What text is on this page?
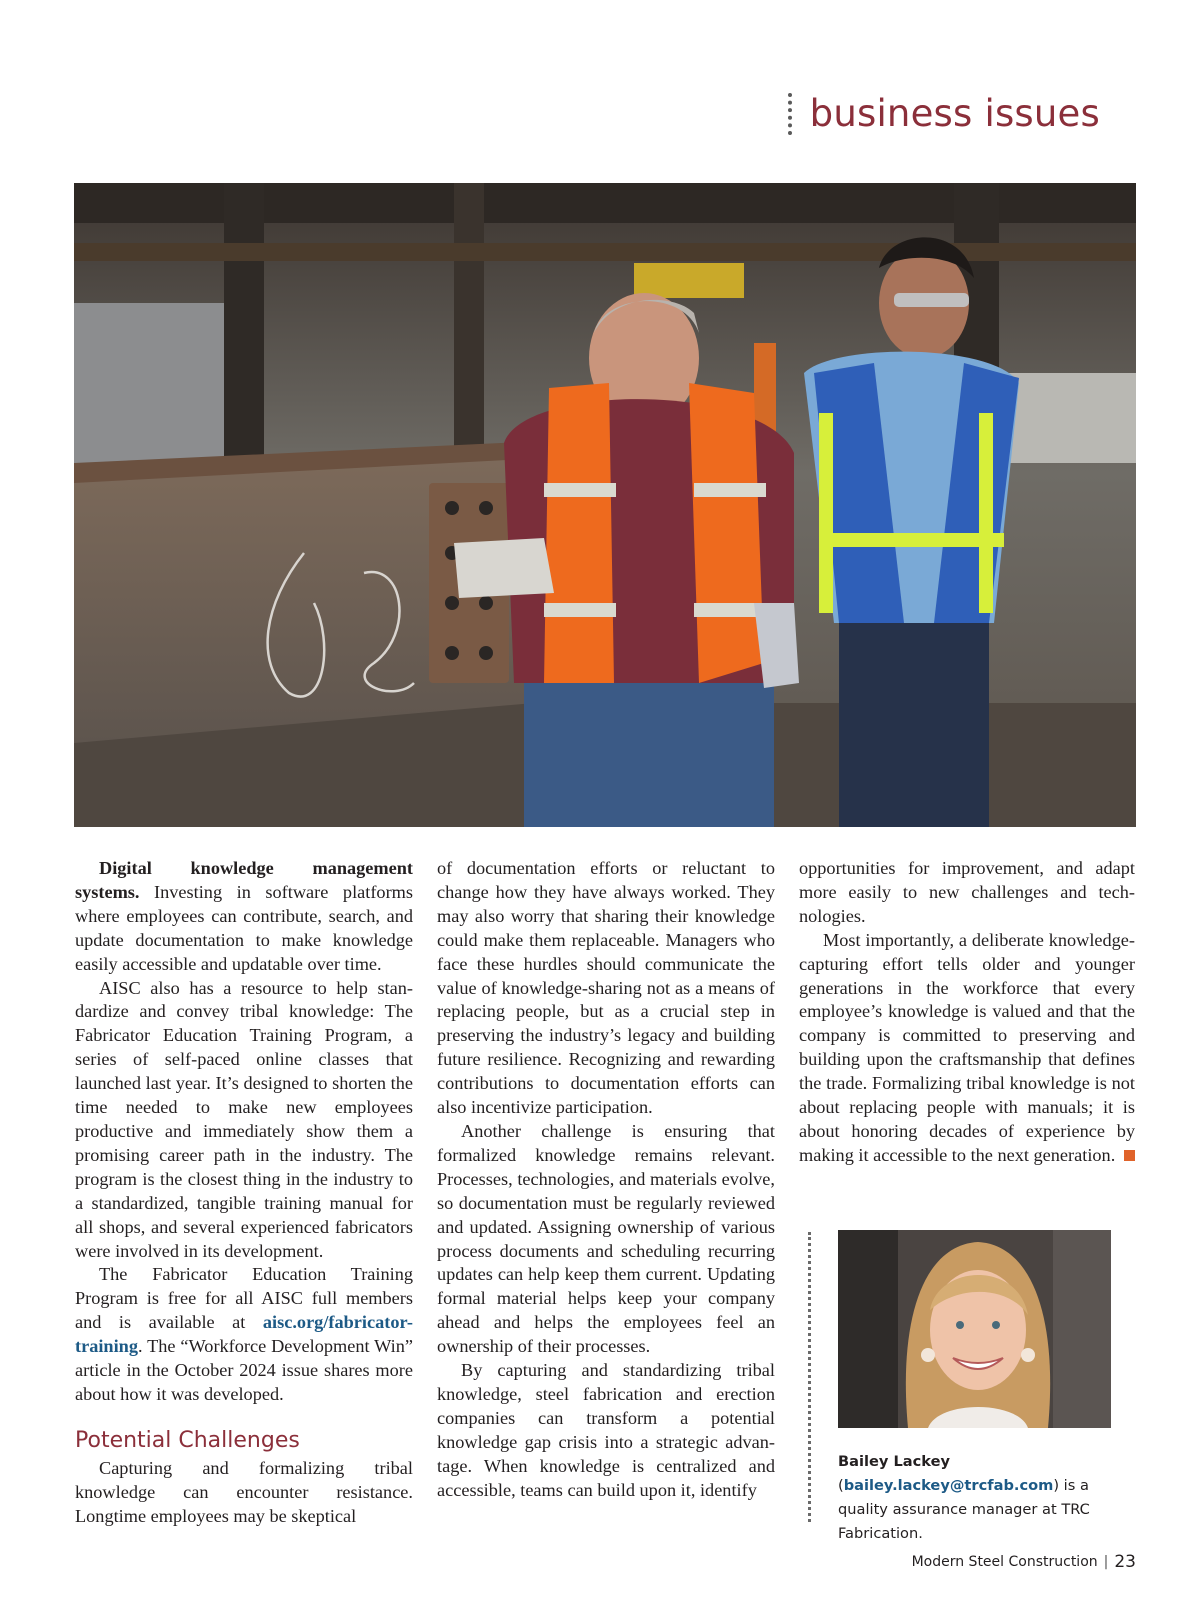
business issues

Digital knowledge management systems. Investing in software platforms where employees can contribute, search, and update documentation to make knowledge easily accessible and updatable over time.

AISC also has a resource to help standardize and convey tribal knowledge: The Fabricator Education Training Program, a series of self-paced online classes that launched last year. It’s designed to shorten the time needed to make new employees productive and immediately show them a promising career path in the industry. The program is the closest thing in the industry to a standardized, tangible training manual for all shops, and several experienced fabricators were involved in its development.

The Fabricator Education Training Program is free for all AISC full members and is available at aisc.org/fabricator-training. The “Workforce Development Win” article in the October 2024 issue shares more about how it was developed.

Potential Challenges

Capturing and formalizing tribal knowledge can encounter resistance. Longtime employees may be skeptical

of documentation efforts or reluctant to change how they have always worked. They may also worry that sharing their knowledge could make them replaceable. Managers who face these hurdles should communicate the value of knowledge-sharing not as a means of replacing people, but as a crucial step in preserving the industry’s legacy and building future resilience. Recognizing and rewarding contributions to documentation efforts can also incentivize participation.

Another challenge is ensuring that formalized knowledge remains relevant. Processes, technologies, and materials evolve, so documentation must be regularly reviewed and updated. Assigning ownership of various process documents and scheduling recurring updates can help keep them current. Updating formal material helps keep your company ahead and helps the employees feel an ownership of their processes.

By capturing and standardizing tribal knowledge, steel fabrication and erection companies can transform a potential knowledge gap crisis into a strategic advantage. When knowledge is centralized and accessible, teams can build upon it, identify

opportunities for improvement, and adapt more easily to new challenges and technologies.

Most importantly, a deliberate knowledge-capturing effort tells older and younger generations in the workforce that every employee’s knowledge is valued and that the company is committed to preserving and building upon the craftsmanship that defines the trade. Formalizing tribal knowledge is not about replacing people with manuals; it is about honoring decades of experience by making it accessible to the next generation.

Bailey Lackey
(bailey.lackey@trcfab.com) is a quality assurance manager at TRC Fabrication.
Modern Steel Construction | 23
